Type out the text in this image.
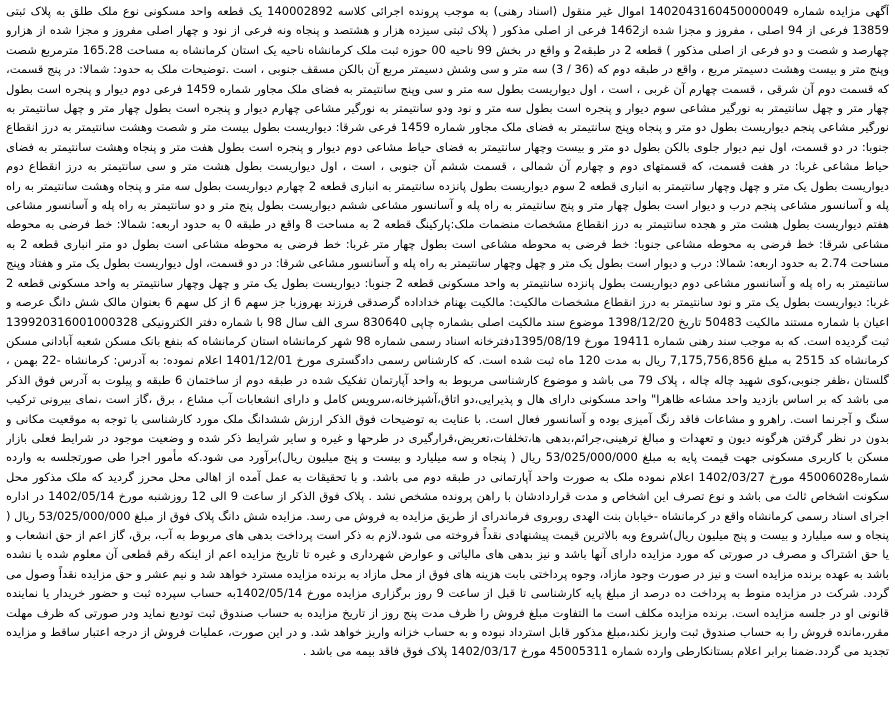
آگهی مزایده شماره 1402043160450000049 اموال غیر منقول (اسناد رهنی) به موجب پرونده اجرائی کلاسه 140002892 یک قطعه واحد مسکونی نوع ملک طلق به پلاک ثبتی 13859 فرعی از 94 اصلی ، مفروز و مجزا شده از1462 فرعی از اصلی مذکور ( پلاک ثبتی سیزده هزار و هشتصد و پنجاه ونه فرعی از نود و چهار اصلی مفروز و مجزا شده از هزارو چهارصد و شصت و دو فرعی از اصلی مذکور ) قطعه 2 در طبقه2 و واقع در بخش 99 ناحیه 00 حوزه ثبت ملک کرمانشاه ناحیه یک استان کرمانشاه به مساحت 165.28 مترمربع شصت وپنج متر و بیست وهشت دسیمتر مربع ، واقع در طبقه دوم که (36 / 3) سه متر و سی وشش دسیمتر مربع آن بالکن مسقف جنوبی ، است .توضیحات ملک به حدود: شمالا: در پنج قسمت، که قسمت دوم آن شرقی ، قسمت چهارم آن غربی ، است ، اول دیواریست بطول سه متر و سی وپنج سانتیمتر به فضای ملک مجاور شماره 1459 فرعی دوم دیوار و پنجره است بطول چهار متر و چهل سانتیمتر به نورگیر مشاعی سوم دیوار و پنجره است بطول سه متر و نود ودو سانتیمتر به نورگیر مشاعی چهارم دیوار و پنجره است بطول چهار متر و چهل سانتیمتر به نورگیر مشاعی پنجم دیواریست بطول دو متر و پنجاه وپنج سانتیمتر به فضای ملک مجاور شماره 1459 فرعی شرقا: دیواریست بطول بیست متر و شصت وهشت سانتیمتر به درز انقطاع جنوبا: در دو قسمت، اول نیم دیوار جلوی بالکن بطول دو متر و بیست وچهار سانتیمتر به فضای حیاط مشاعی دوم دیوار و پنجره است بطول هفت متر و پنجاه وهشت سانتیمتر به فضای حیاط مشاعی غربا: در هفت قسمت، که قسمتهای دوم و چهارم آن شمالی ، قسمت ششم آن جنوبی ، است ، اول دیواریست بطول هشت متر و سی سانتیمتر به درز انقطاع دوم دیواریست بطول یک متر و چهل وچهار سانتیمتر به انباری قطعه 2 سوم دیواریست بطول پانزده سانتیمتر به انباری قطعه 2 چهارم دیواریست بطول سه متر و پنجاه وهشت سانتیمتر به راه پله و آسانسور مشاعی پنجم درب و دیوار است بطول چهار متر و پنج سانتیمتر به راه پله و آسانسور مشاعی ششم دیواریست بطول پنج متر و دو سانتیمتر به راه پله و آسانسور مشاعی هفتم دیواریست بطول هشت متر و هجده سانتیمتر به درز انقطاع مشخصات منضمات ملک:پارکینگ قطعه 2 به مساحت 8 واقع در طبقه 0 به حدود اربعه: شمالا: خط فرضی به محوطه مشاعی شرقا: خط فرضی به محوطه مشاعی جنوبا: خط فرضی به محوطه مشاعی است بطول چهار متر غربا: خط فرضی به محوطه مشاعی است بطول دو متر انباری قطعه 2 به مساحت 2.74 به حدود اربعه: شمالا: درب و دیوار است بطول یک متر و چهل وچهار سانتیمتر به راه پله و آسانسور مشاعی شرقا: در دو قسمت، اول دیواریست بطول یک متر و هفتاد وپنج سانتیمتر به راه پله و آسانسور مشاعی دوم دیواریست بطول پانزده سانتیمتر به واحد مسکونی قطعه 2 جنوبا: دیواریست بطول یک متر و چهل وچهار سانتیمتر به واحد مسکونی قطعه 2 غربا: دیواریست بطول یک متر و نود سانتیمتر به درز انقطاع مشخصات مالکیت: مالکیت بهنام خداداده گرصدقی فرزند بهروزبا جز سهم 6 از کل سهم 6 بعنوان مالک شش دانگ عرصه و اعیان با شماره مستند مالکیت 50483 تاریخ 1398/12/20 موضوع سند مالکیت اصلی بشماره چاپی 830640 سری الف سال 98 با شماره دفتر الکترونیکی 139920316001000328 ثبت گردیده است. که به موجب سند رهنی شماره 19411 مورخ 1395/08/19دفترخانه اسناد رسمی شماره 98 شهر کرمانشاه استان کرمانشاه که بنفع بانک مسکن شعبه آبادانی مسکن کرمانشاه کد 2515 به مبلغ 7,175,756,856 ریال به مدت 120 ماه ثبت شده است. که کارشناس رسمی دادگستری مورخ 1401/12/01 اعلام نموده: به آدرس: کرمانشاه -22 بهمن ، گلستان ،ظفر جنوبی،کوی شهید چاله چاله ، پلاک 79 می باشد و موضوع کارشناسی مربوط به واحد آپارتمان تفکیک شده در طبقه دوم از ساختمان 6 طبقه و پیلوت به آدرس فوق الذکر می باشد که بر اساس بازدید واحد مشاعه ظاهرا" واحد مسکونی دارای هال و پذیرایی،دو اتاق،آشپزخانه،سرویس کامل و دارای انشعابات آب مشاع ، برق ،گاز است ،نمای بیرونی ترکیب سنگ و آجرنما است. راهرو و مشاعات فاقد رنگ آمیزی بوده و آسانسور فعال است. با عنایت به توضیحات فوق الذکر ارزش ششدانگ ملک مورد کارشناسی با توجه به موقعیت مکانی و بدون در نظر گرفتن هرگونه دیون و تعهدات و مبالغ ترهینی،جرائم،بدهی ها،تخلفات،تعریض،قرارگیری در طرحها و غیره و سایر شرایط ذکر شده و وضعیت موجود در شرایط فعلی بازار مسکن با کاربری مسکونی جهت قیمت پایه به مبلغ 53/025/000/000 ریال ( پنجاه و سه میلیارد و بیست و پنج میلیون ریال)برآورد می شود.که مأمور اجرا طی صورتجلسه به وارده شماره45006028 مورخ 1402/03/27 اعلام نموده ملک به صورت واحد آپارتمانی در طبقه دوم می باشد. و با تحقیقات به عمل آمده از اهالی محل محرز گردید که ملک مذکور محل سکونت اشخاص ثالث می باشد و نوع تصرف این اشخاص و مدت قراردادشان با راهن پرونده مشخص نشد . پلاک فوق الذکر از ساعت 9 الی 12 روزشنبه مورخ 1402/05/14 در اداره اجرای اسناد رسمی کرمانشاه واقع در کرمانشاه -خیابان بنت الهدی روبروی فرماندرای از طریق مزایده به فروش می رسد. مزایده شش دانگ پلاک فوق از مبلغ 53/025/000/000 ریال ( پنجاه و سه میلیارد و بیست و پنج میلیون ریال)شروع وبه بالاترین قیمت پیشنهادی نقداً فروخته می شود.لازم به ذکر است پرداخت بدهی های مربوط به آب، برق، گاز اعم از حق انشعاب و یا حق اشتراک و مصرف در صورتی که مورد مزایده دارای آنها باشد و نیز بدهی های مالیاتی و عوارض شهرداری و غیره تا تاریخ مزایده اعم از اینکه رقم قطعی آن معلوم شده یا نشده باشد به عهده برنده مزایده است و نیز در صورت وجود مازاد، وجوه پرداختی بابت هزینه های فوق از محل مازاد به برنده مزایده مسترد خواهد شد و نیم عشر و حق مزایده نقداً وصول می گردد. شرکت در مزایده منوط به پرداخت ده درصد از مبلغ پایه کارشناسی تا قبل از ساعت 9 روز برگزاری مزایده مورخ 1402/05/14به حساب سپرده ثبت و حضور خریدار یا نماینده قانونی او در جلسه مزایده است. برنده مزایده مکلف است ما التفاوت مبلغ فروش را ظرف مدت پنج روز از تاریخ مزایده به حساب صندوق ثبت تودیع نماید ودر صورتی که ظرف مهلت مقرر،مانده فروش را به حساب صندوق ثبت واریز نکند،مبلغ مذکور قابل استرداد نبوده و به حساب خزانه واریز خواهد شد. و در این صورت، عملیات فروش از درجه اعتبار ساقط و مزایده تجدید می گردد.ضمنا برابر اعلام بستانکارطی وارده شماره 45005311 مورخ 1402/03/17 پلاک فوق فاقد بیمه می باشد .
